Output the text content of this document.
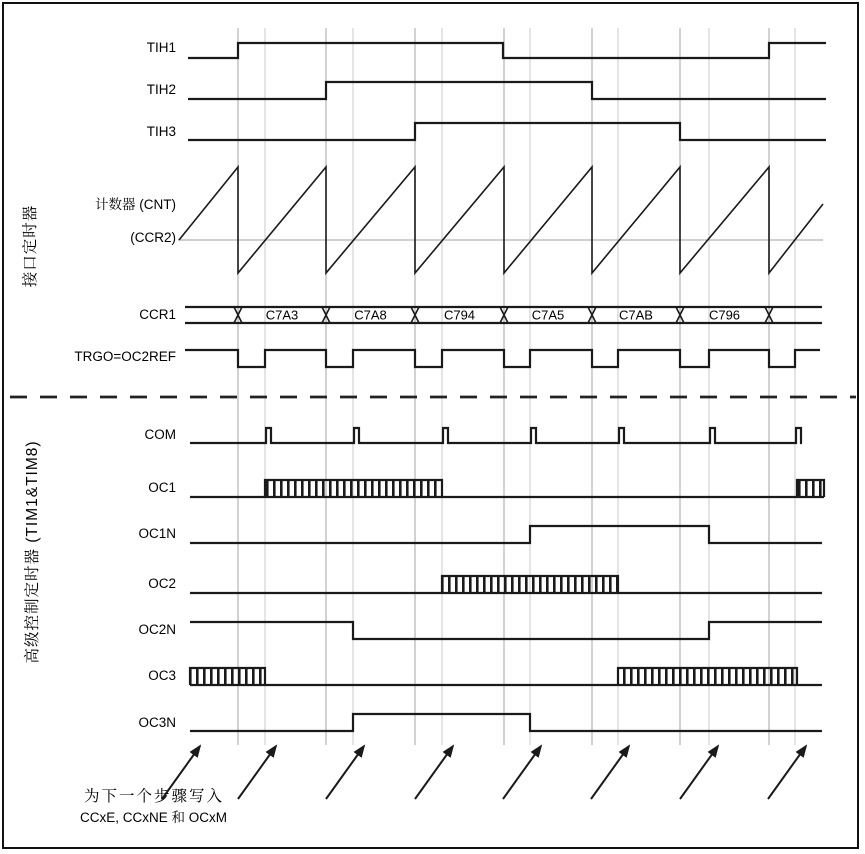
C7A3	C7A8	C794	C7A5	C7AB	C796
接口定时器
高级控制定时器 (TIM1&TIM8)
TIH1
TIH2
TIH3
(CCR2)
计数器 (CNT)
CCR1
TRGO=OC2REF
COM
OC1
OC1N
OC2
OC2N
OC3
OC3N
为下一个步骤写入
CCxE, CCxNE 和 OCxM
